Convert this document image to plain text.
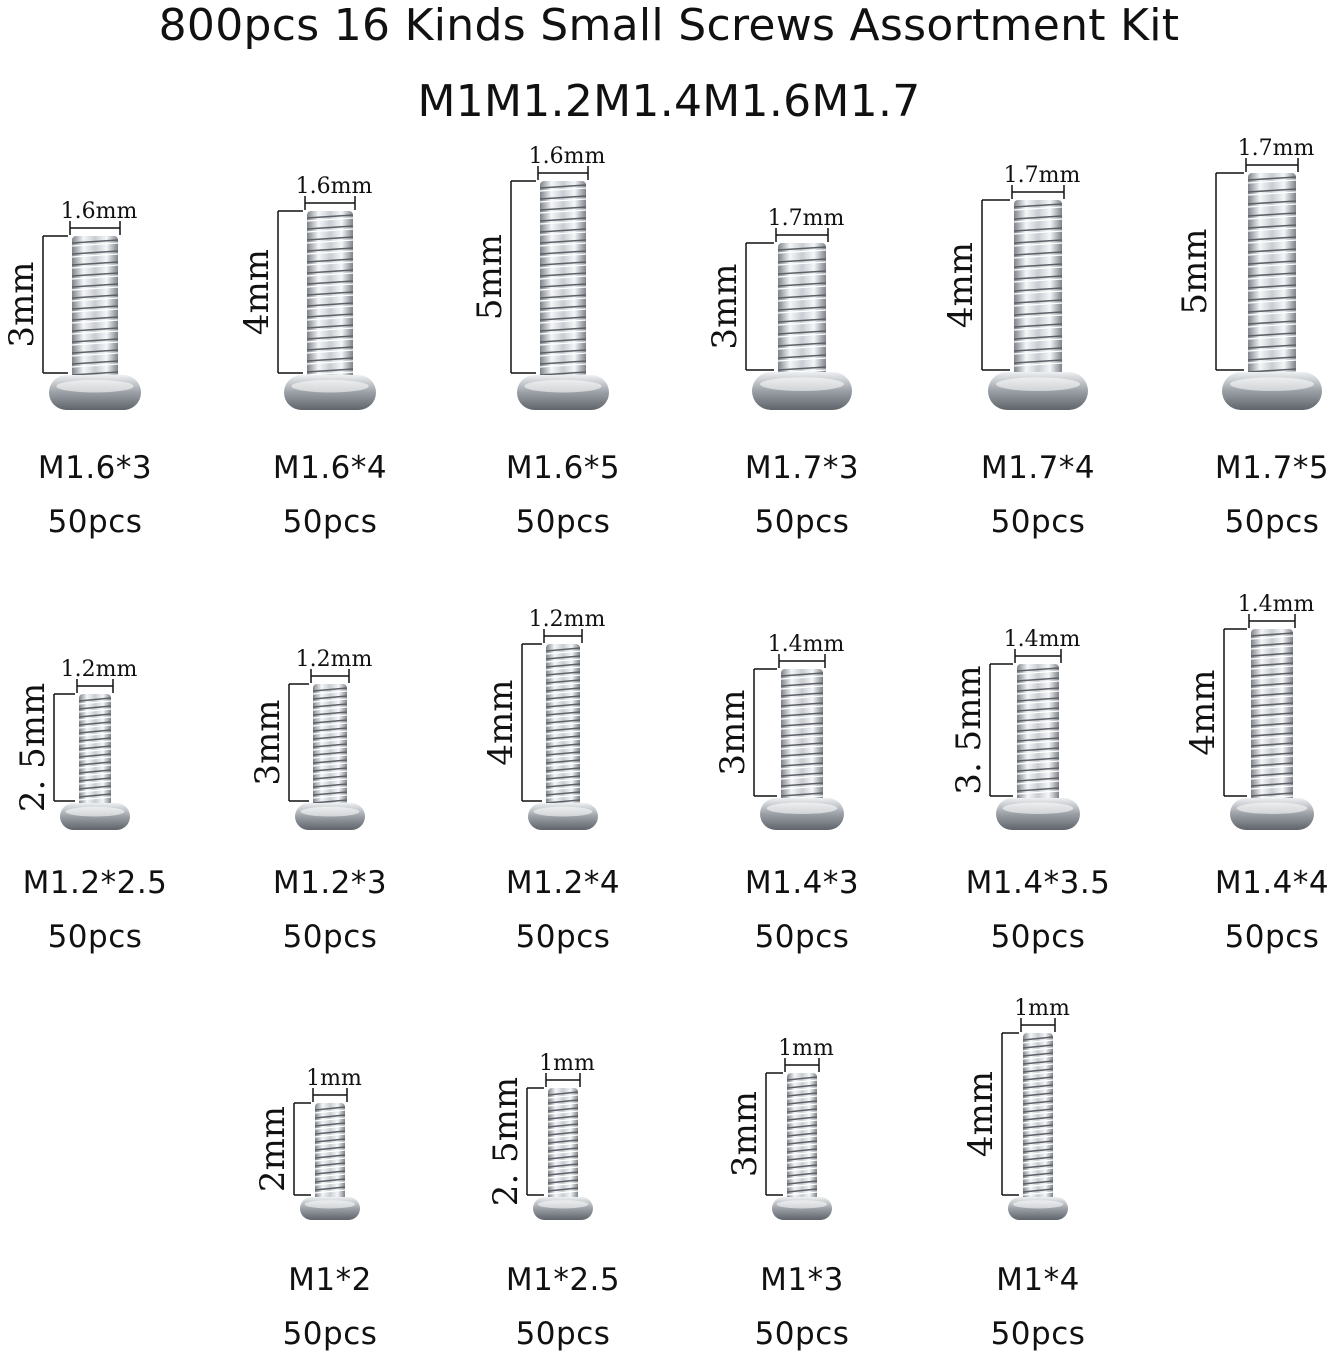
800pcs 16 Kinds Small Screws Assortment Kit
M1M1.2M1.4M1.6M1.7
1.6mm
3mm
1.6mm
4mm
1.6mm
5mm
1.7mm
3mm
1.7mm
4mm
1.7mm
5mm
1.2mm
2. 5mm
1.2mm
3mm
1.2mm
4mm
1.4mm
3mm
1.4mm
3. 5mm
1.4mm
4mm
1mm
2mm
1mm
2. 5mm
1mm
3mm
1mm
4mm
M1.6*3
50pcs
M1.6*4
50pcs
M1.6*5
50pcs
M1.7*3
50pcs
M1.7*4
50pcs
M1.7*5
50pcs
M1.2*2.5
50pcs
M1.2*3
50pcs
M1.2*4
50pcs
M1.4*3
50pcs
M1.4*3.5
50pcs
M1.4*4
50pcs
M1*2
50pcs
M1*2.5
50pcs
M1*3
50pcs
M1*4
50pcs
